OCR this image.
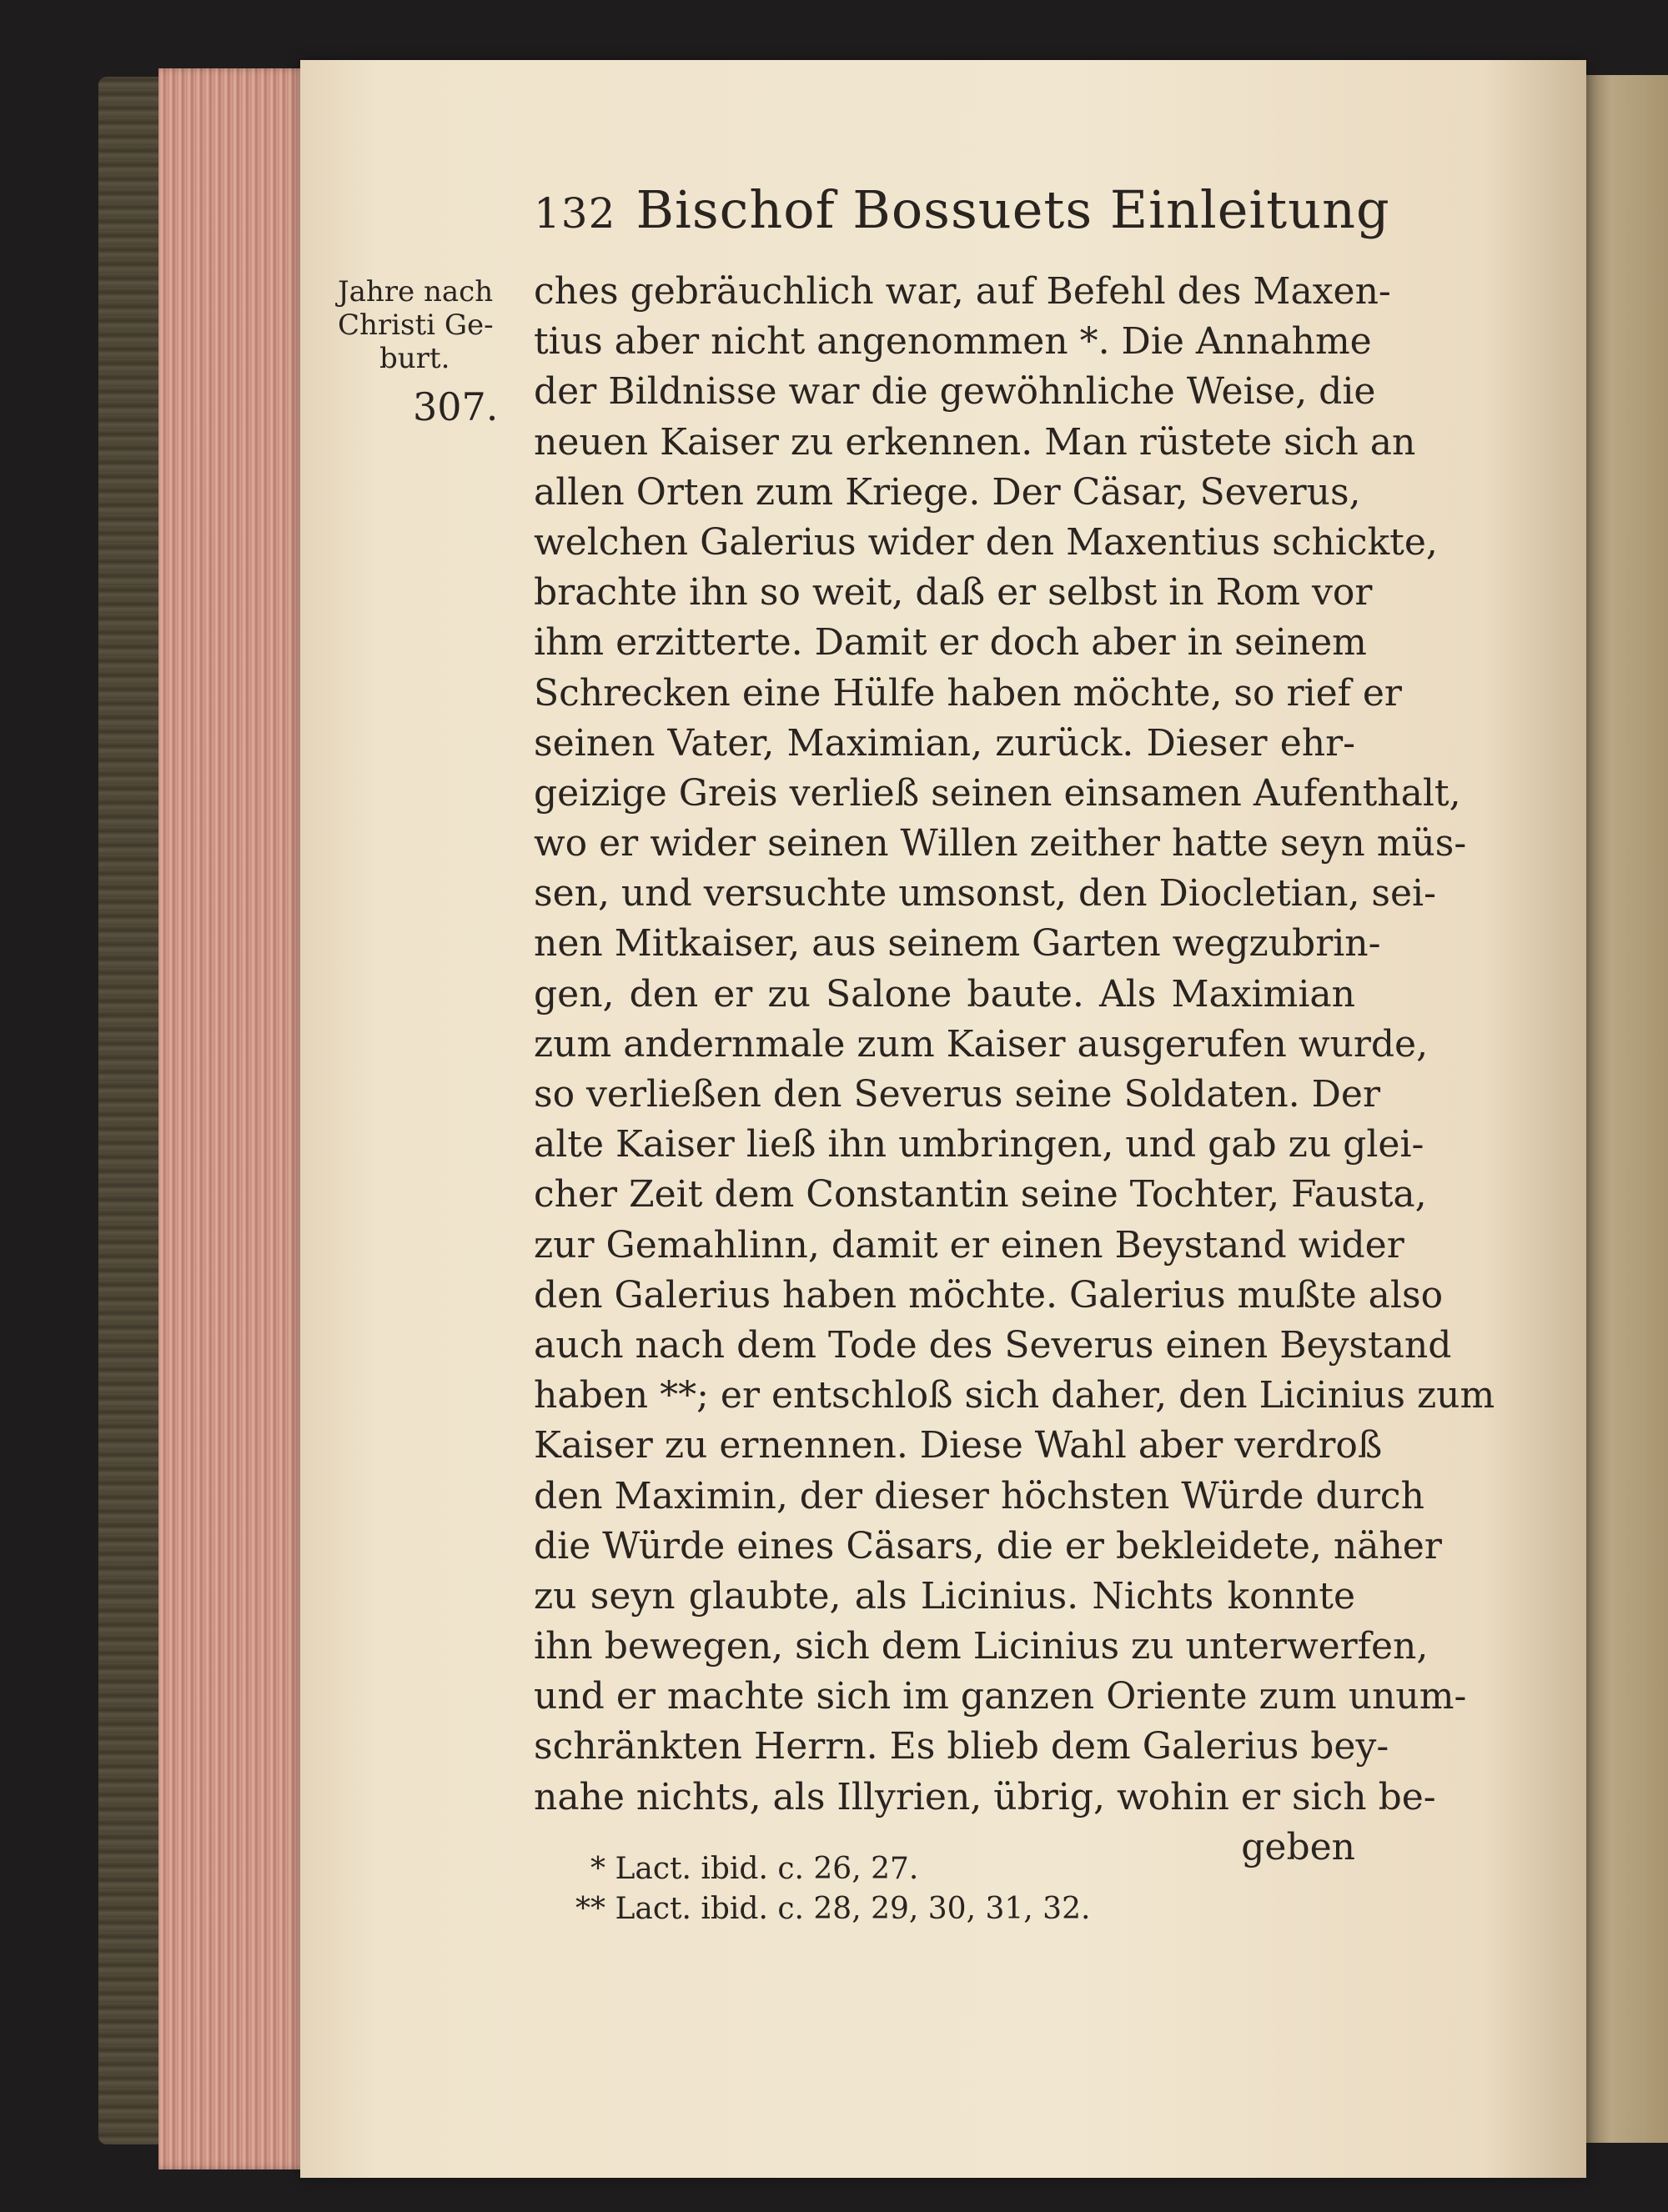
132 Bischof Bossuets Einleitung
Jahre nach
Christi Ge-
burt.
307.
ches gebräuchlich war, auf Befehl des Maxen-
tius aber nicht angenommen *. Die Annahme
der Bildnisse war die gewöhnliche Weise, die
neuen Kaiser zu erkennen. Man rüstete sich an
allen Orten zum Kriege. Der Cäsar, Severus,
welchen Galerius wider den Maxentius schickte,
brachte ihn so weit, daß er selbst in Rom vor
ihm erzitterte. Damit er doch aber in seinem
Schrecken eine Hülfe haben möchte, so rief er
seinen Vater, Maximian, zurück. Dieser ehr-
geizige Greis verließ seinen einsamen Aufenthalt,
wo er wider seinen Willen zeither hatte seyn müs-
sen, und versuchte umsonst, den Diocletian, sei-
nen Mitkaiser, aus seinem Garten wegzubrin-
gen, den er zu Salone baute. Als Maximian
zum andernmale zum Kaiser ausgerufen wurde,
so verließen den Severus seine Soldaten. Der
alte Kaiser ließ ihn umbringen, und gab zu glei-
cher Zeit dem Constantin seine Tochter, Fausta,
zur Gemahlinn, damit er einen Beystand wider
den Galerius haben möchte. Galerius mußte also
auch nach dem Tode des Severus einen Beystand
haben **; er entschloß sich daher, den Licinius zum
Kaiser zu ernennen. Diese Wahl aber verdroß
den Maximin, der dieser höchsten Würde durch
die Würde eines Cäsars, die er bekleidete, näher
zu seyn glaubte, als Licinius. Nichts konnte
ihn bewegen, sich dem Licinius zu unterwerfen,
und er machte sich im ganzen Oriente zum unum-
schränkten Herrn. Es blieb dem Galerius bey-
nahe nichts, als Illyrien, übrig, wohin er sich be-
geben
* Lact. ibid. c. 26, 27.
** Lact. ibid. c. 28, 29, 30, 31, 32.
